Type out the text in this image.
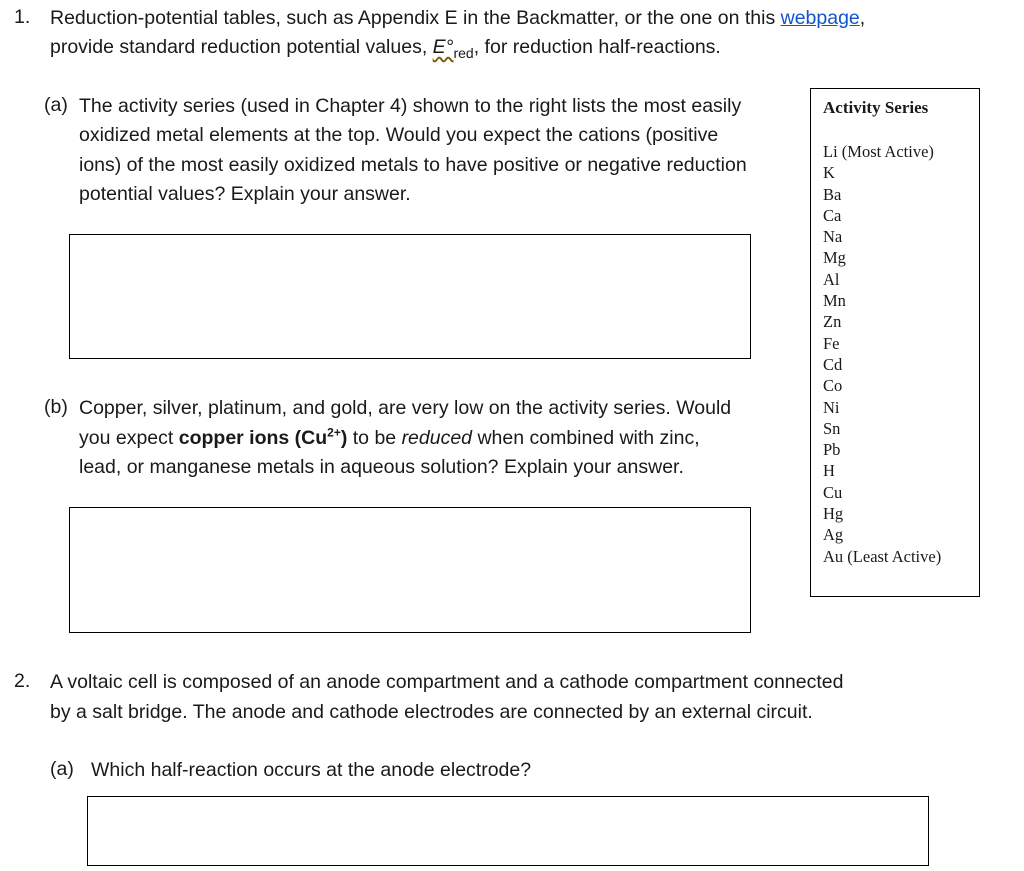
1. Reduction-potential tables, such as Appendix E in the Backmatter, or the one on this webpage,
provide standard reduction potential values, $E^\circ_{red}$, for reduction half-reactions.
(a) The activity series (used in Chapter 4) shown to the right lists the most easily
oxidized metal elements at the top. Would you expect the cations (positive
ions) of the most easily oxidized metals to have positive or negative reduction
potential values? Explain your answer.
(b) Copper, silver, platinum, and gold, are very low on the activity series. Would
you expect copper ions $(Cu^{2+})$ to be reduced when combined with zinc,
lead, or manganese metals in aqueous solution? Explain your answer.
Activity Series
Li (Most Active)
K
Ba
Ca
Na
Mg
Al
Mn
Zn
Fe
Cd
Co
Ni
Sn
Pb
H
Cu
Hg
Ag
Au (Least Active)
2. A voltaic cell is composed of an anode compartment and a cathode compartment connected
by a salt bridge. The anode and cathode electrodes are connected by an external circuit.
(a) Which half-reaction occurs at the anode electrode?
